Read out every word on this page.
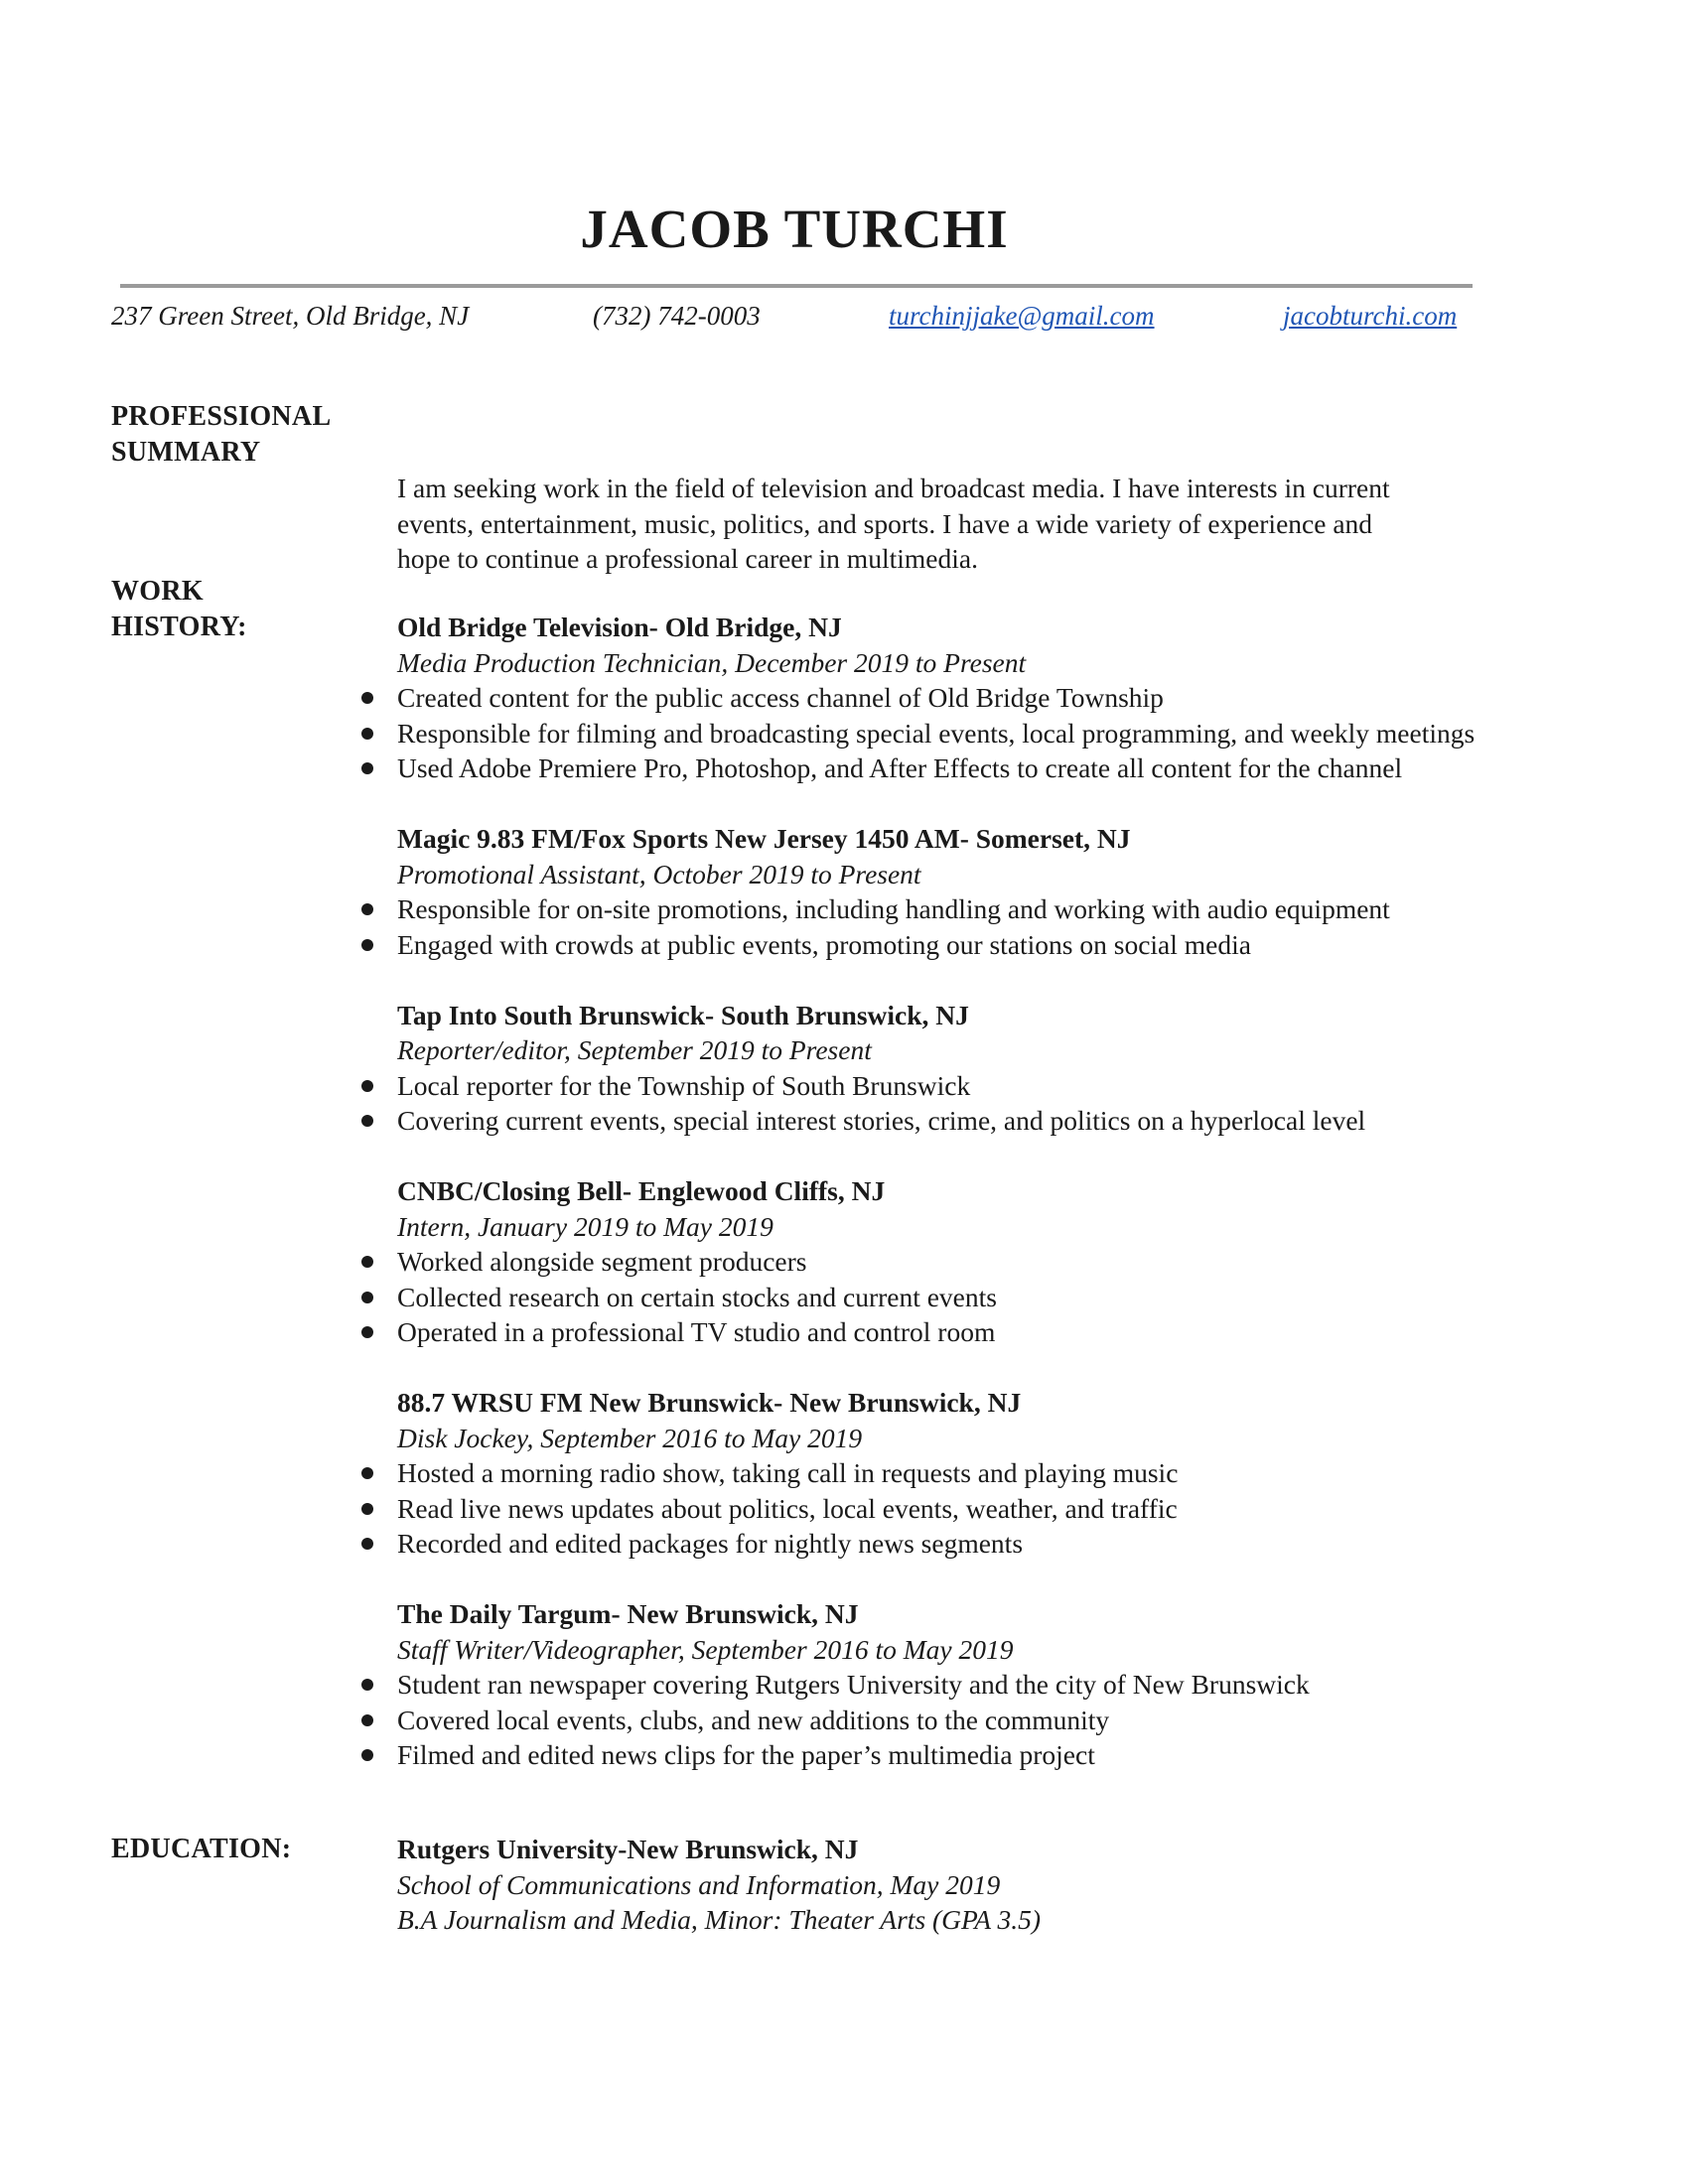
JACOB TURCHI
237 Green Street, Old Bridge, NJ	(732) 742-0003	turchinjjake@gmail.com	jacobturchi.com
PROFESSIONAL
SUMMARY
I am seeking work in the field of television and broadcast media. I have interests in current
events, entertainment, music, politics, and sports. I have a wide variety of experience and
hope to continue a professional career in multimedia.
WORK
HISTORY:	Old Bridge Television- Old Bridge, NJ
Media Production Technician, December 2019 to Present
Created content for the public access channel of Old Bridge Township
Responsible for filming and broadcasting special events, local programming, and weekly meetings
Used Adobe Premiere Pro, Photoshop, and After Effects to create all content for the channel
Magic 9.83 FM/Fox Sports New Jersey 1450 AM- Somerset, NJ
Promotional Assistant, October 2019 to Present
Responsible for on-site promotions, including handling and working with audio equipment
Engaged with crowds at public events, promoting our stations on social media
Tap Into South Brunswick- South Brunswick, NJ
Reporter/editor, September 2019 to Present
Local reporter for the Township of South Brunswick
Covering current events, special interest stories, crime, and politics on a hyperlocal level
CNBC/Closing Bell- Englewood Cliffs, NJ
Intern, January 2019 to May 2019
Worked alongside segment producers
Collected research on certain stocks and current events
Operated in a professional TV studio and control room
88.7 WRSU FM New Brunswick- New Brunswick, NJ
Disk Jockey, September 2016 to May 2019
Hosted a morning radio show, taking call in requests and playing music
Read live news updates about politics, local events, weather, and traffic
Recorded and edited packages for nightly news segments
The Daily Targum- New Brunswick, NJ
Staff Writer/Videographer, September 2016 to May 2019
Student ran newspaper covering Rutgers University and the city of New Brunswick
Covered local events, clubs, and new additions to the community
Filmed and edited news clips for the paper’s multimedia project
EDUCATION:	Rutgers University-New Brunswick, NJ
School of Communications and Information, May 2019
B.A Journalism and Media, Minor: Theater Arts (GPA 3.5)
